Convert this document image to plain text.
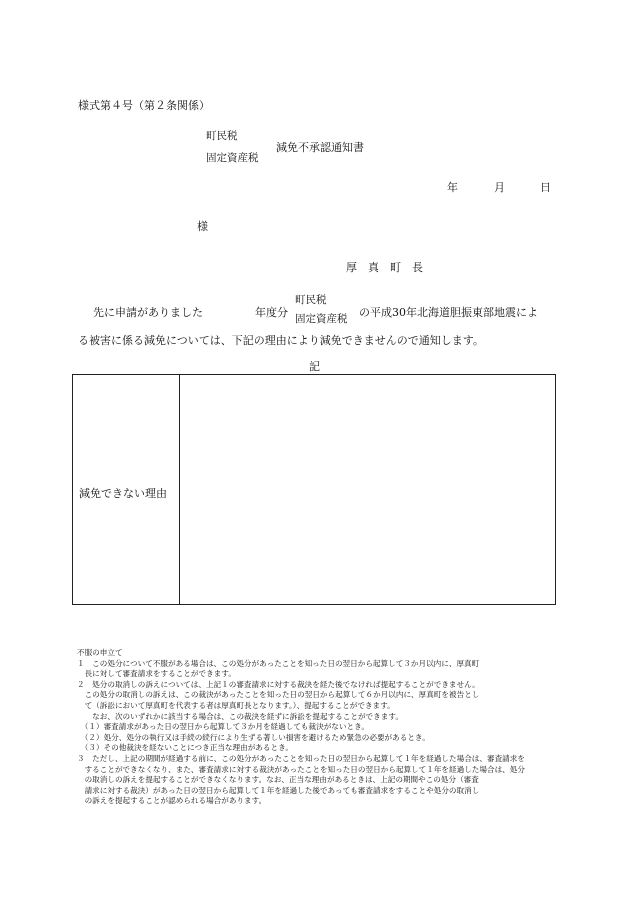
様式第４号（第２条関係）
町民税
固定資産税
減免不承認通知書
年	月	日
様
厚　真　町　長
先に申請がありました	年度分
町民税
固定資産税 の平成30年北海道胆振東部地震によ
る被害に係る減免については、下記の理由により減免できませんので通知します。
記
減免できない理由
不服の申立て
１　この処分について不服がある場合は、この処分があったことを知った日の翌日から起算して３か月以内に、厚真町
　長に対して審査請求をすることができます。
２　処分の取消しの訴えについては、上記１の審査請求に対する裁決を経た後でなければ提起することができません。
　この処分の取消しの訴えは、この裁決があったことを知った日の翌日から起算して６か月以内に、厚真町を被告とし
　て（訴訟において厚真町を代表する者は厚真町長となります。）、提起することができます。
　　なお、次のいずれかに該当する場合は、この裁決を経ずに訴訟を提起することができます。
　（１）審査請求があった日の翌日から起算して３か月を経過しても裁決がないとき。
　（２）処分、処分の執行又は手続の続行により生ずる著しい損害を避けるため緊急の必要があるとき。
　（３）その他裁決を経ないことにつき正当な理由があるとき。
３　ただし、上記の期間が経過する前に、この処分があったことを知った日の翌日から起算して１年を経過した場合は、審査請求を
　することができなくなり、また、審査請求に対する裁決があったことを知った日の翌日から起算して１年を経過した場合は、処分
　の取消しの訴えを提起することができなくなります。なお、正当な理由があるときは、上記の期間やこの処分（審査
　請求に対する裁決）があった日の翌日から起算して１年を経過した後であっても審査請求をすることや処分の取消し
　の訴えを提起することが認められる場合があります。
